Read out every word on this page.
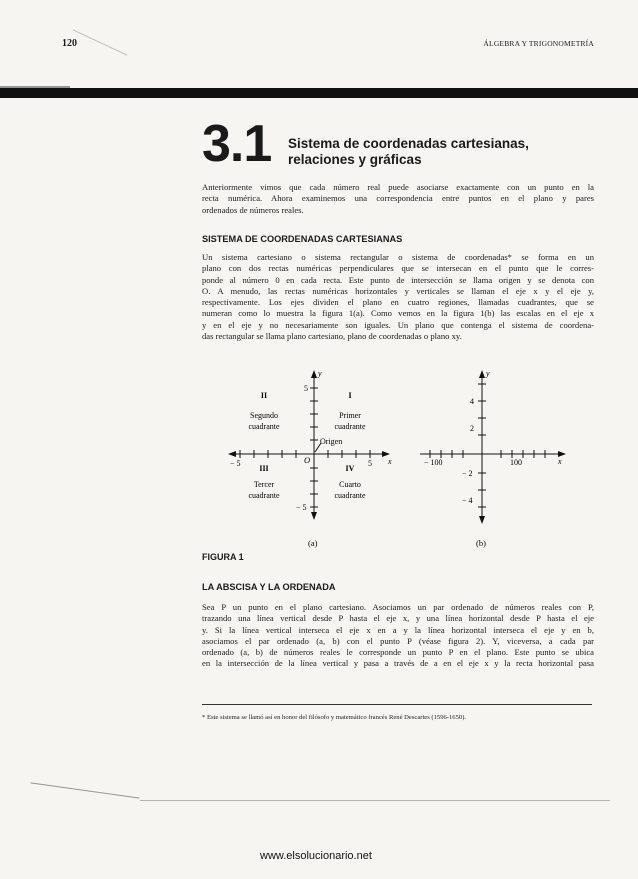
120	ÁLGEBRA Y TRIGONOMETRÍA
3.1 Sistema de coordenadas cartesianas,
relaciones y gráficas
Anteriormente vimos que cada número real puede asociarse exactamente con un punto en la
recta numérica. Ahora examinemos una correspondencia entre puntos en el plano y pares
ordenados de números reales.
SISTEMA DE COORDENADAS CARTESIANAS
Un sistema cartesiano o sistema rectangular o sistema de coordenadas* se forma en un
plano con dos rectas numéricas perpendiculares que se intersecan en el punto que le corres-
ponde al número 0 en cada recta. Este punto de intersección se llama origen y se denota con
O. A menudo, las rectas numéricas horizontales y verticales se llaman el eje x y el eje y,
respectivamente. Los ejes dividen el plano en cuatro regiones, llamadas cuadrantes, que se
numeran como lo muestra la figura 1(a). Como vemos en la figura 1(b) las escalas en el eje x
y en el eje y no necesariamente son iguales. Un plano que contenga el sistema de coordena-
das rectangular se llama plano cartesiano, plano de coordenadas o plano xy.
y
x
5
− 5
− 5	5
O
Origen
II
Segundo
cuadrante
I
Primer
cuadrante
III
Tercer
cuadrante
IV
Cuarto
cuadrante
(a)
y
x
4
2
− 2
− 4
− 100	100
(b)
FIGURA 1
LA ABSCISA Y LA ORDENADA
Sea P un punto en el plano cartesiano. Asociamos un par ordenado de números reales con P,
trazando una línea vertical desde P hasta el eje x, y una línea horizontal desde P hasta el eje
y. Si la línea vertical interseca el eje x en a y la línea horizontal interseca el eje y en b,
asociamos el par ordenado (a, b) con el punto P (véase figura 2). Y, viceversa, a cada par
ordenado (a, b) de números reales le corresponde un punto P en el plano. Este punto se ubica
en la intersección de la línea vertical y pasa a través de a en el eje x y la recta horizontal pasa
* Este sistema se llamó así en honor del filósofo y matemático francés René Descartes (1596-1650).
www.elsolucionario.net
